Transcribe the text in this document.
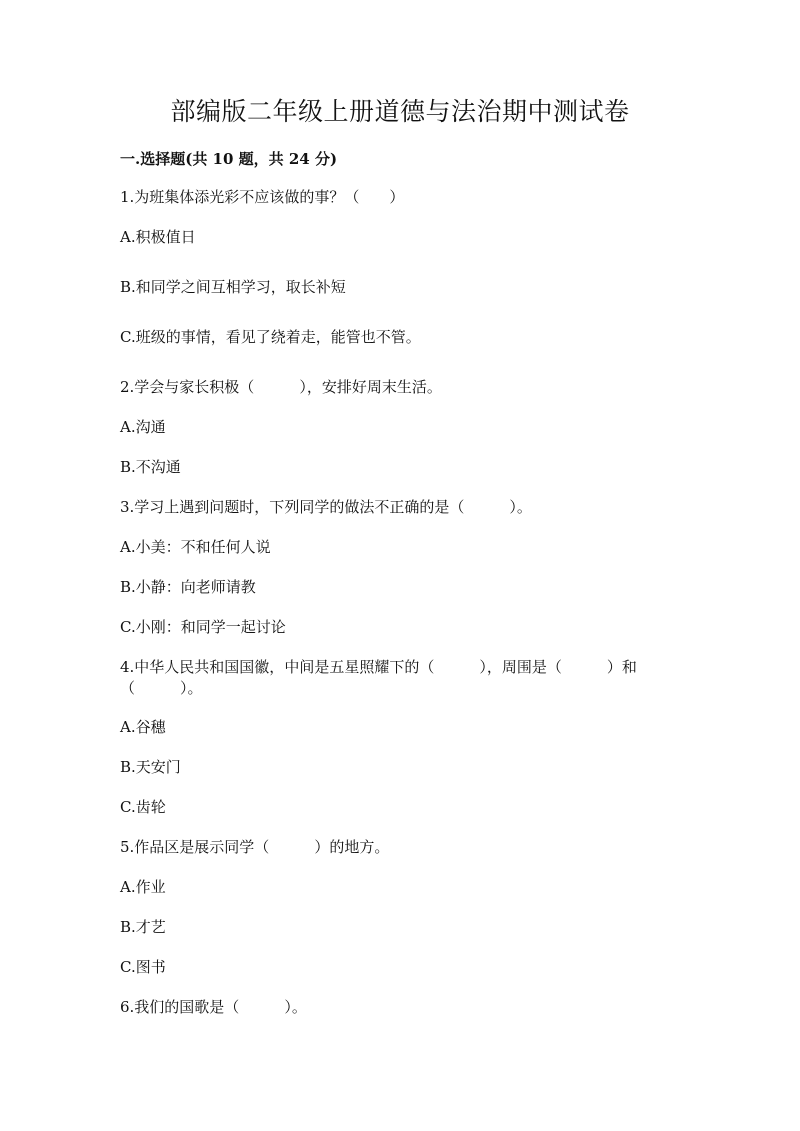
部编版二年级上册道德与法治期中测试卷
一.选择题(共 10 题，共 24 分)
1.为班集体添光彩不应该做的事？（　　）
A.积极值日
B.和同学之间互相学习，取长补短
C.班级的事情，看见了绕着走，能管也不管。
2.学会与家长积极（　　　），安排好周末生活。
A.沟通
B.不沟通
3.学习上遇到问题时，下列同学的做法不正确的是（　　　）。
A.小美：不和任何人说
B.小静：向老师请教
C.小刚：和同学一起讨论
4.中华人民共和国国徽，中间是五星照耀下的（　　　），周围是（　　　）和
（　　　）。
A.谷穗
B.天安门
C.齿轮
5.作品区是展示同学（　　　）的地方。
A.作业
B.才艺
C.图书
6.我们的国歌是（　　　）。
